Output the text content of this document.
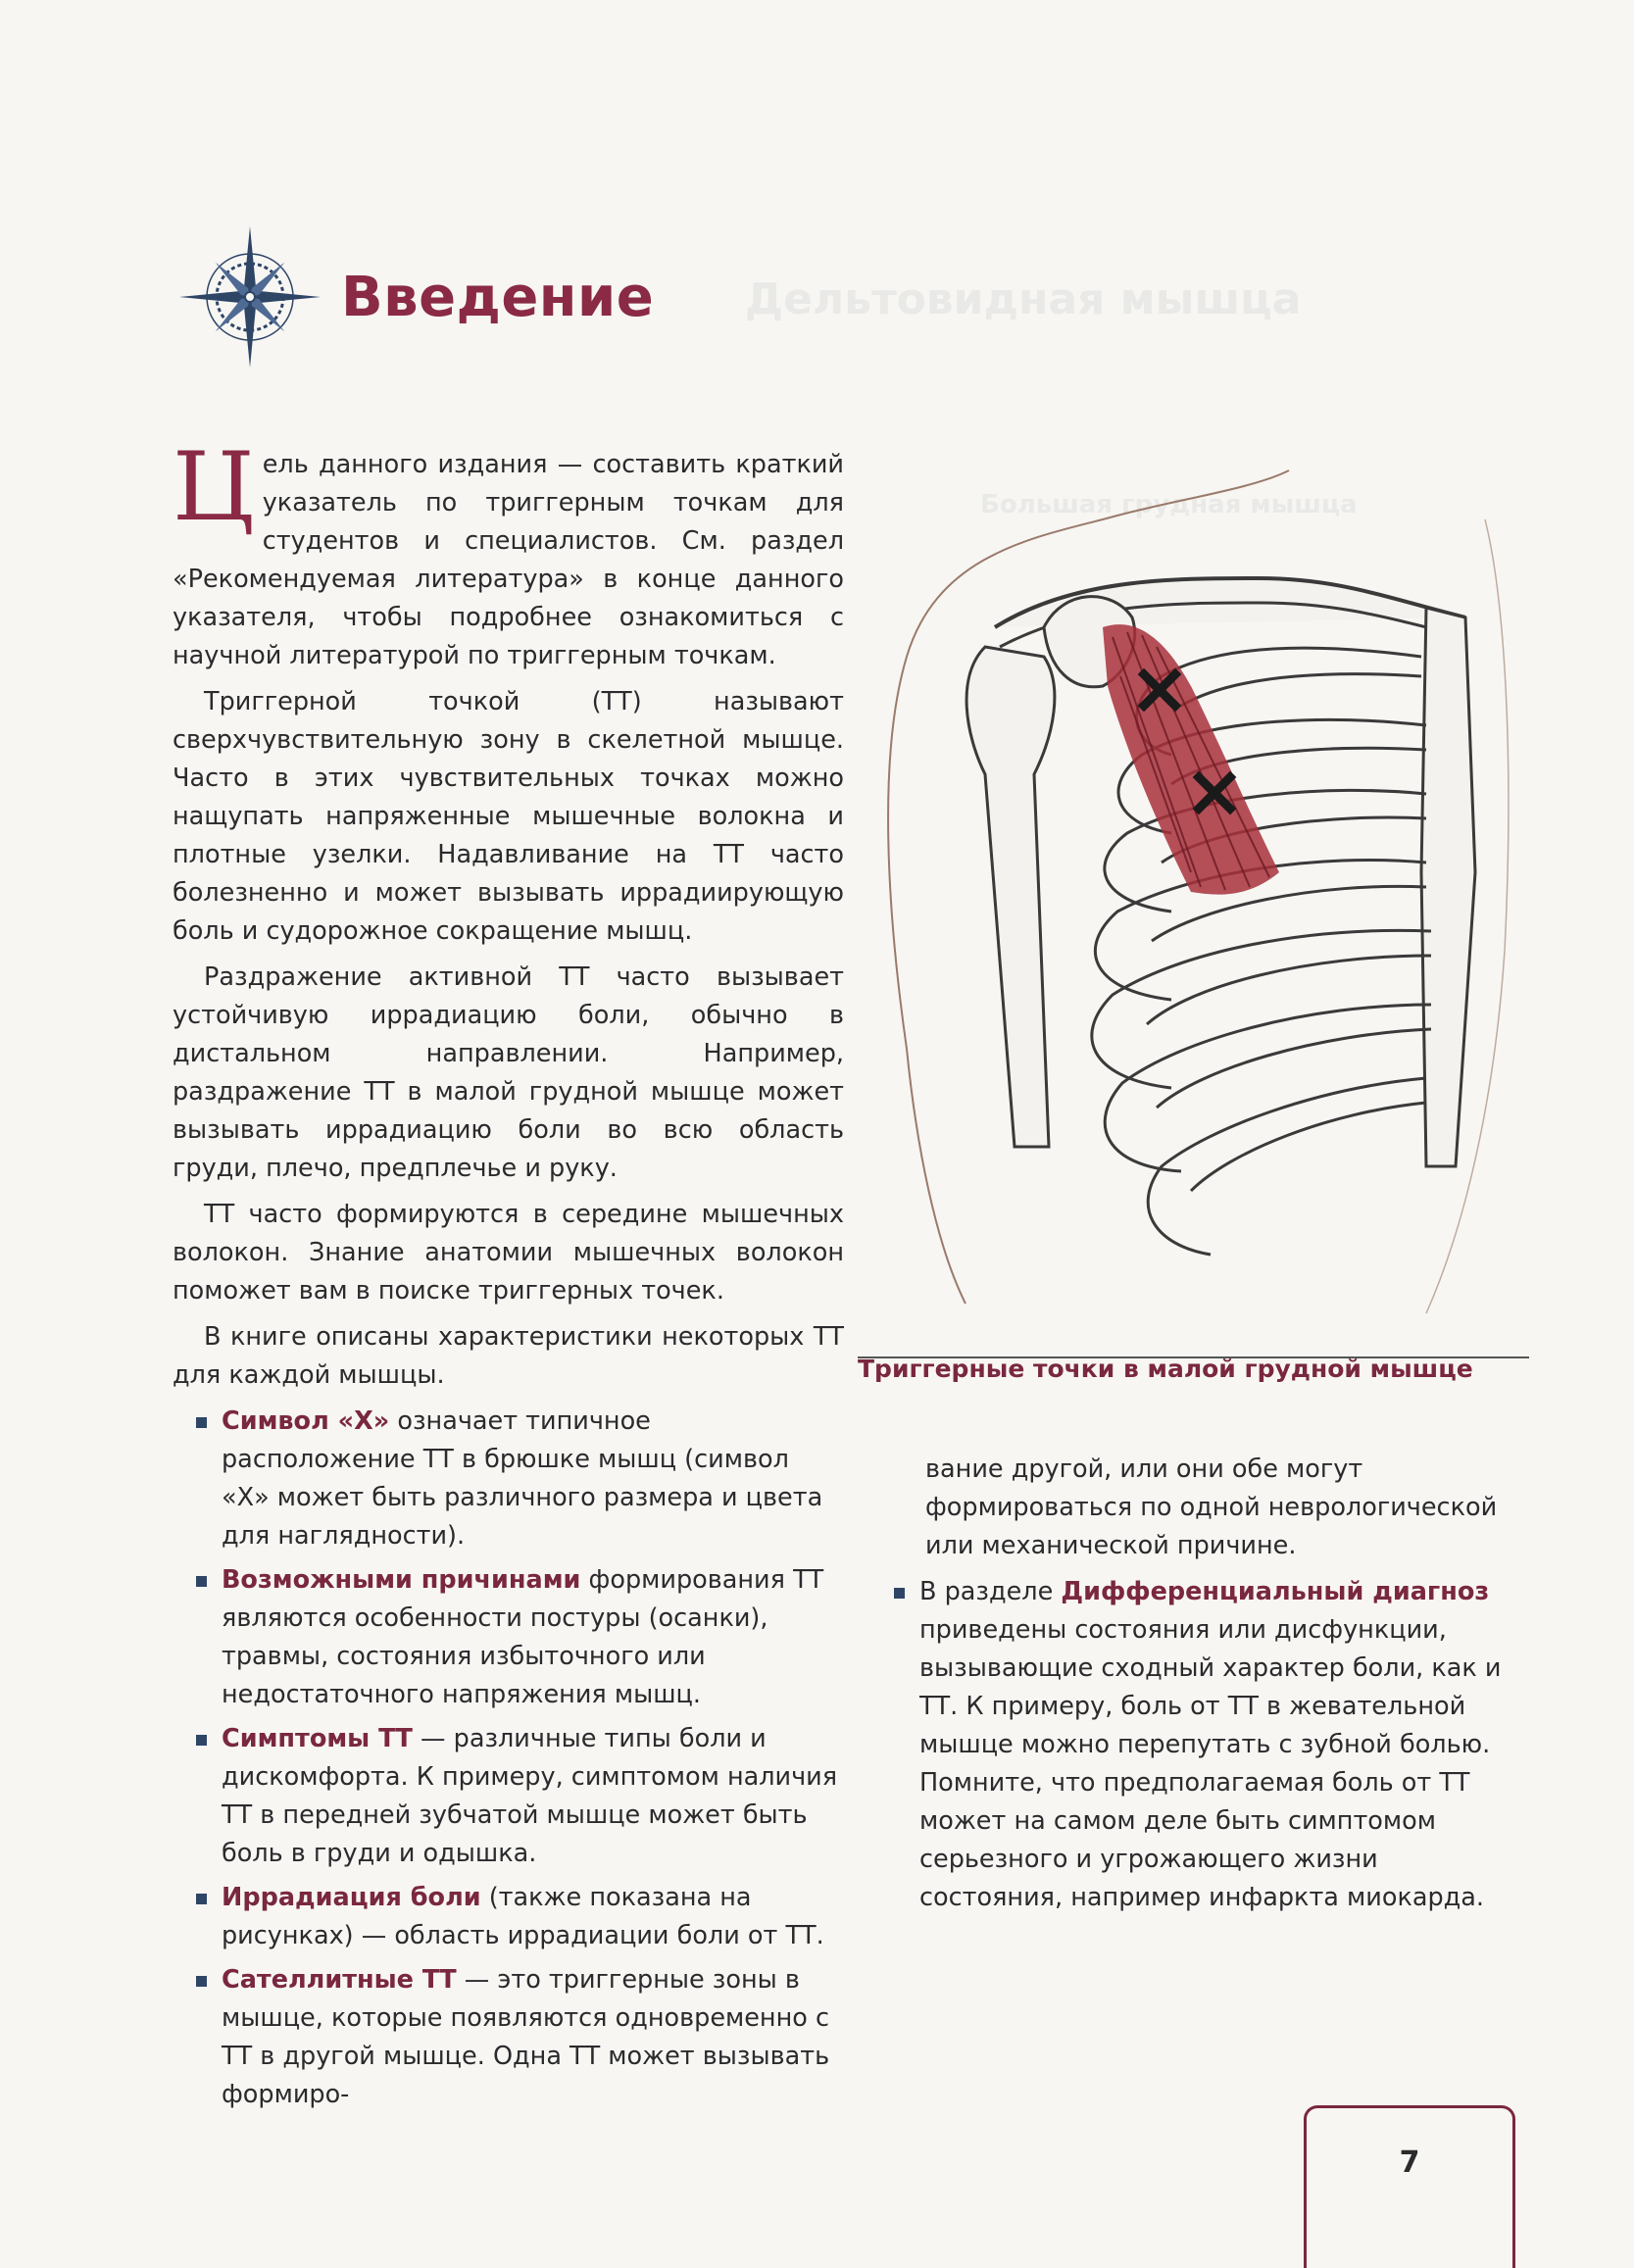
Дельтовидная мышца
Большая грудная мышца
Введение

Цель данного издания — составить краткий указатель по триггерным точкам для студентов и специалистов. См. раздел «Рекомендуемая литература» в конце данного указателя, чтобы подробнее ознакомиться с научной литературой по триггерным точкам.

Триггерной точкой (ТТ) называют сверхчувствительную зону в скелетной мышце. Часто в этих чувствительных точках можно нащупать напряженные мышечные волокна и плотные узелки. Надавливание на ТТ часто болезненно и может вызывать иррадиирующую боль и судорожное сокращение мышц.

Раздражение активной ТТ часто вызывает устойчивую иррадиацию боли, обычно в дистальном направлении. Например, раздражение ТТ в малой грудной мышце может вызывать иррадиацию боли во всю область груди, плечо, предплечье и руку.

ТТ часто формируются в середине мышечных волокон. Знание анатомии мышечных волокон поможет вам в поиске триггерных точек.

В книге описаны характеристики некоторых ТТ для каждой мышцы.

Символ «Х» означает типичное расположение ТТ в брюшке мышц (символ «Х» может быть различного размера и цвета для наглядности).
Возможными причинами формирования ТТ являются особенности постуры (осанки), травмы, состояния избыточного или недостаточного напряжения мышц.
Симптомы ТТ — различные типы боли и дискомфорта. К примеру, симптомом наличия ТТ в передней зубчатой мышце может быть боль в груди и одышка.
Иррадиация боли (также показана на рисунках) — область иррадиации боли от ТТ.
Сателлитные ТТ — это триггерные зоны в мышце, которые появляются одновременно с ТТ в другой мышце. Одна ТТ может вызывать формиро-
Триггерные точки в малой грудной мышце

вание другой, или они обе могут формироваться по одной неврологической или механической причине.

В разделе Дифференциальный диагноз приведены состояния или дисфункции, вызывающие сходный характер боли, как и ТТ. К примеру, боль от ТТ в жевательной мышце можно перепутать с зубной болью. Помните, что предполагаемая боль от ТТ может на самом деле быть симптомом серьезного и угрожающего жизни состояния, например инфаркта миокарда.
7
